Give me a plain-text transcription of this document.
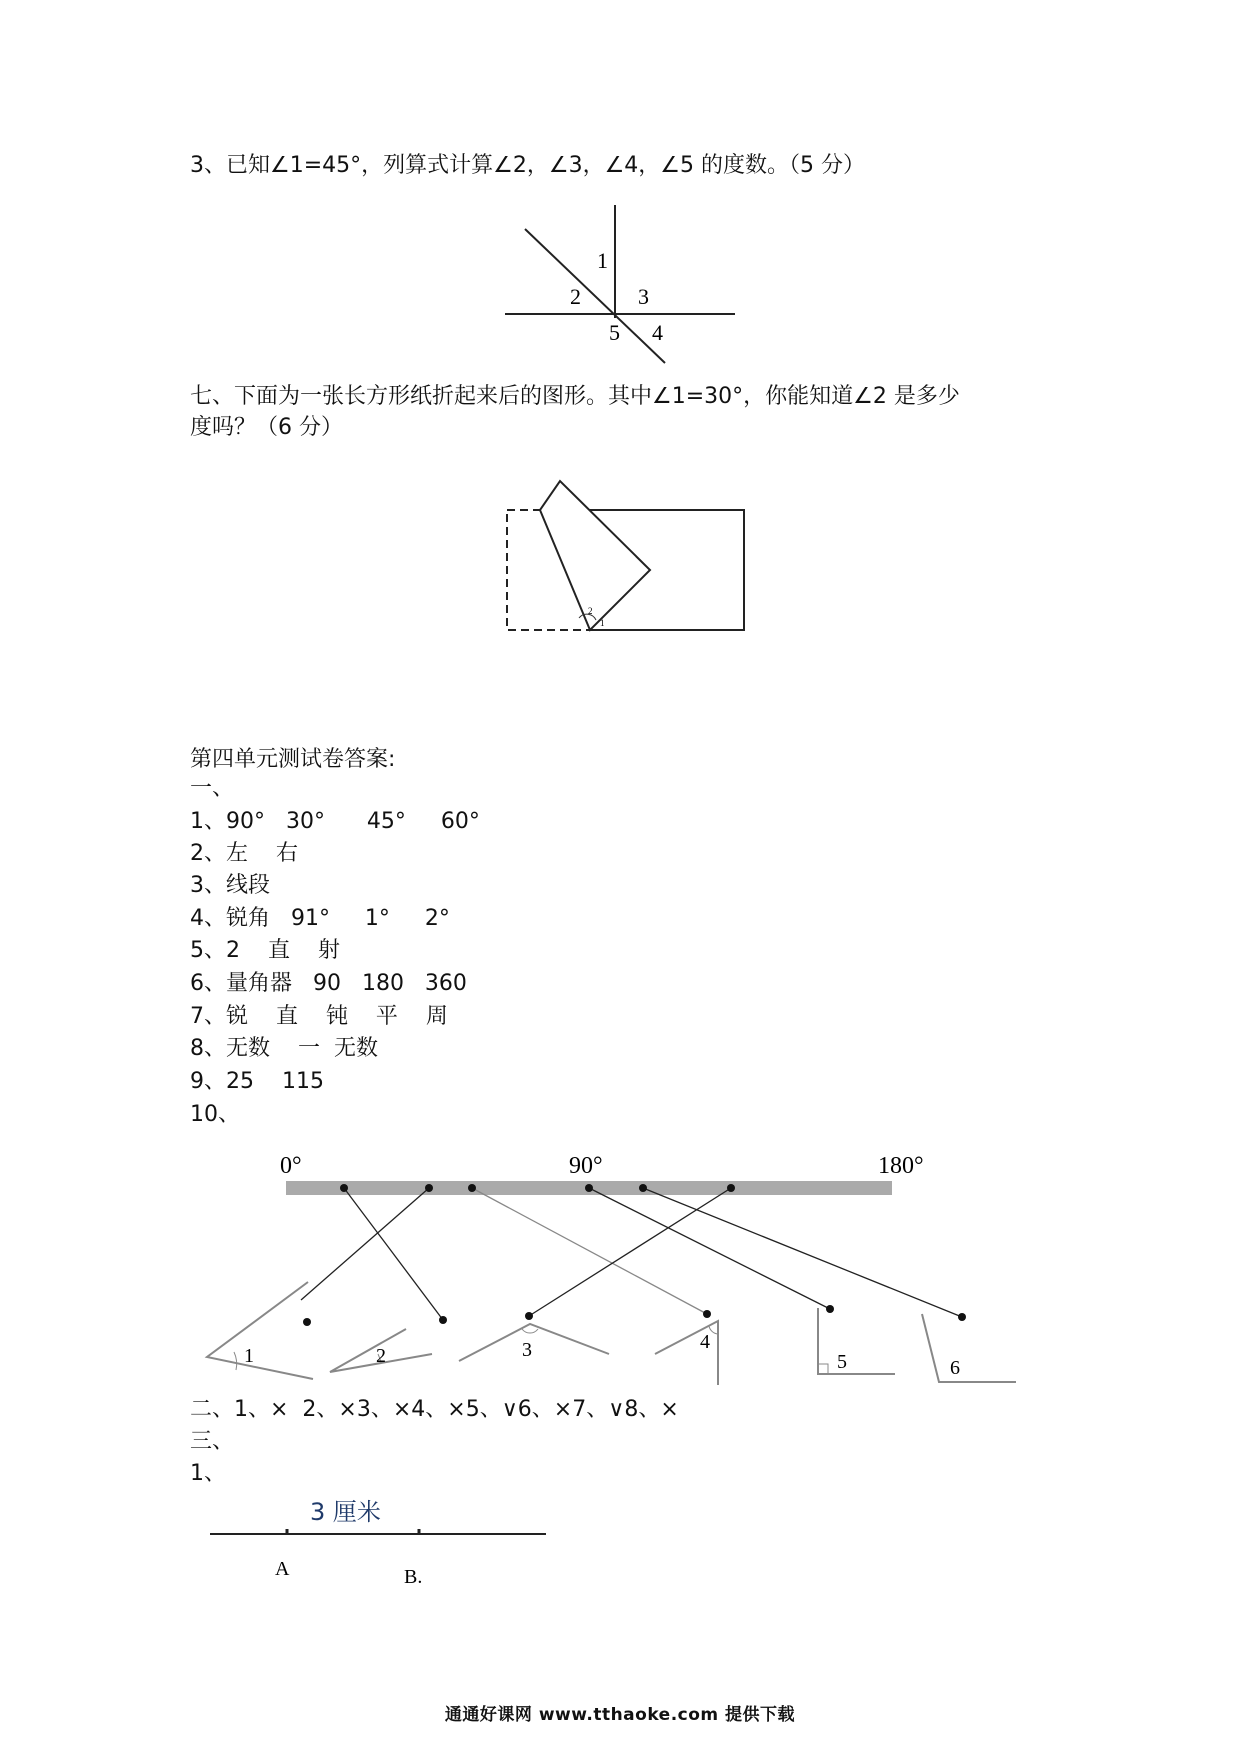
3、已知∠1=45°，列算式计算∠2，∠3，∠4，∠5 的度数。（5 分）
1
2	3
5 4
七、下面为一张长方形纸折起来后的图形。其中∠1=30°，你能知道∠2 是多少
度吗？（6 分）
2
1
第四单元测试卷答案:
一、
1、90°   30°      45°     60°
2、左    右
3、线段
4、锐角   91°     1°     2°
5、2    直    射
6、量角器   90   180   360
7、锐    直    钝    平    周
8、无数    一  无数
9、25    115
10、
0°	90°	180°
1	2	3	4
5	6
二、1、×  2、×3、×4、×5、∨6、×7、∨8、×
三、
1、
3 厘米
A	B.
通通好课网 www.tthaoke.com 提供下载
